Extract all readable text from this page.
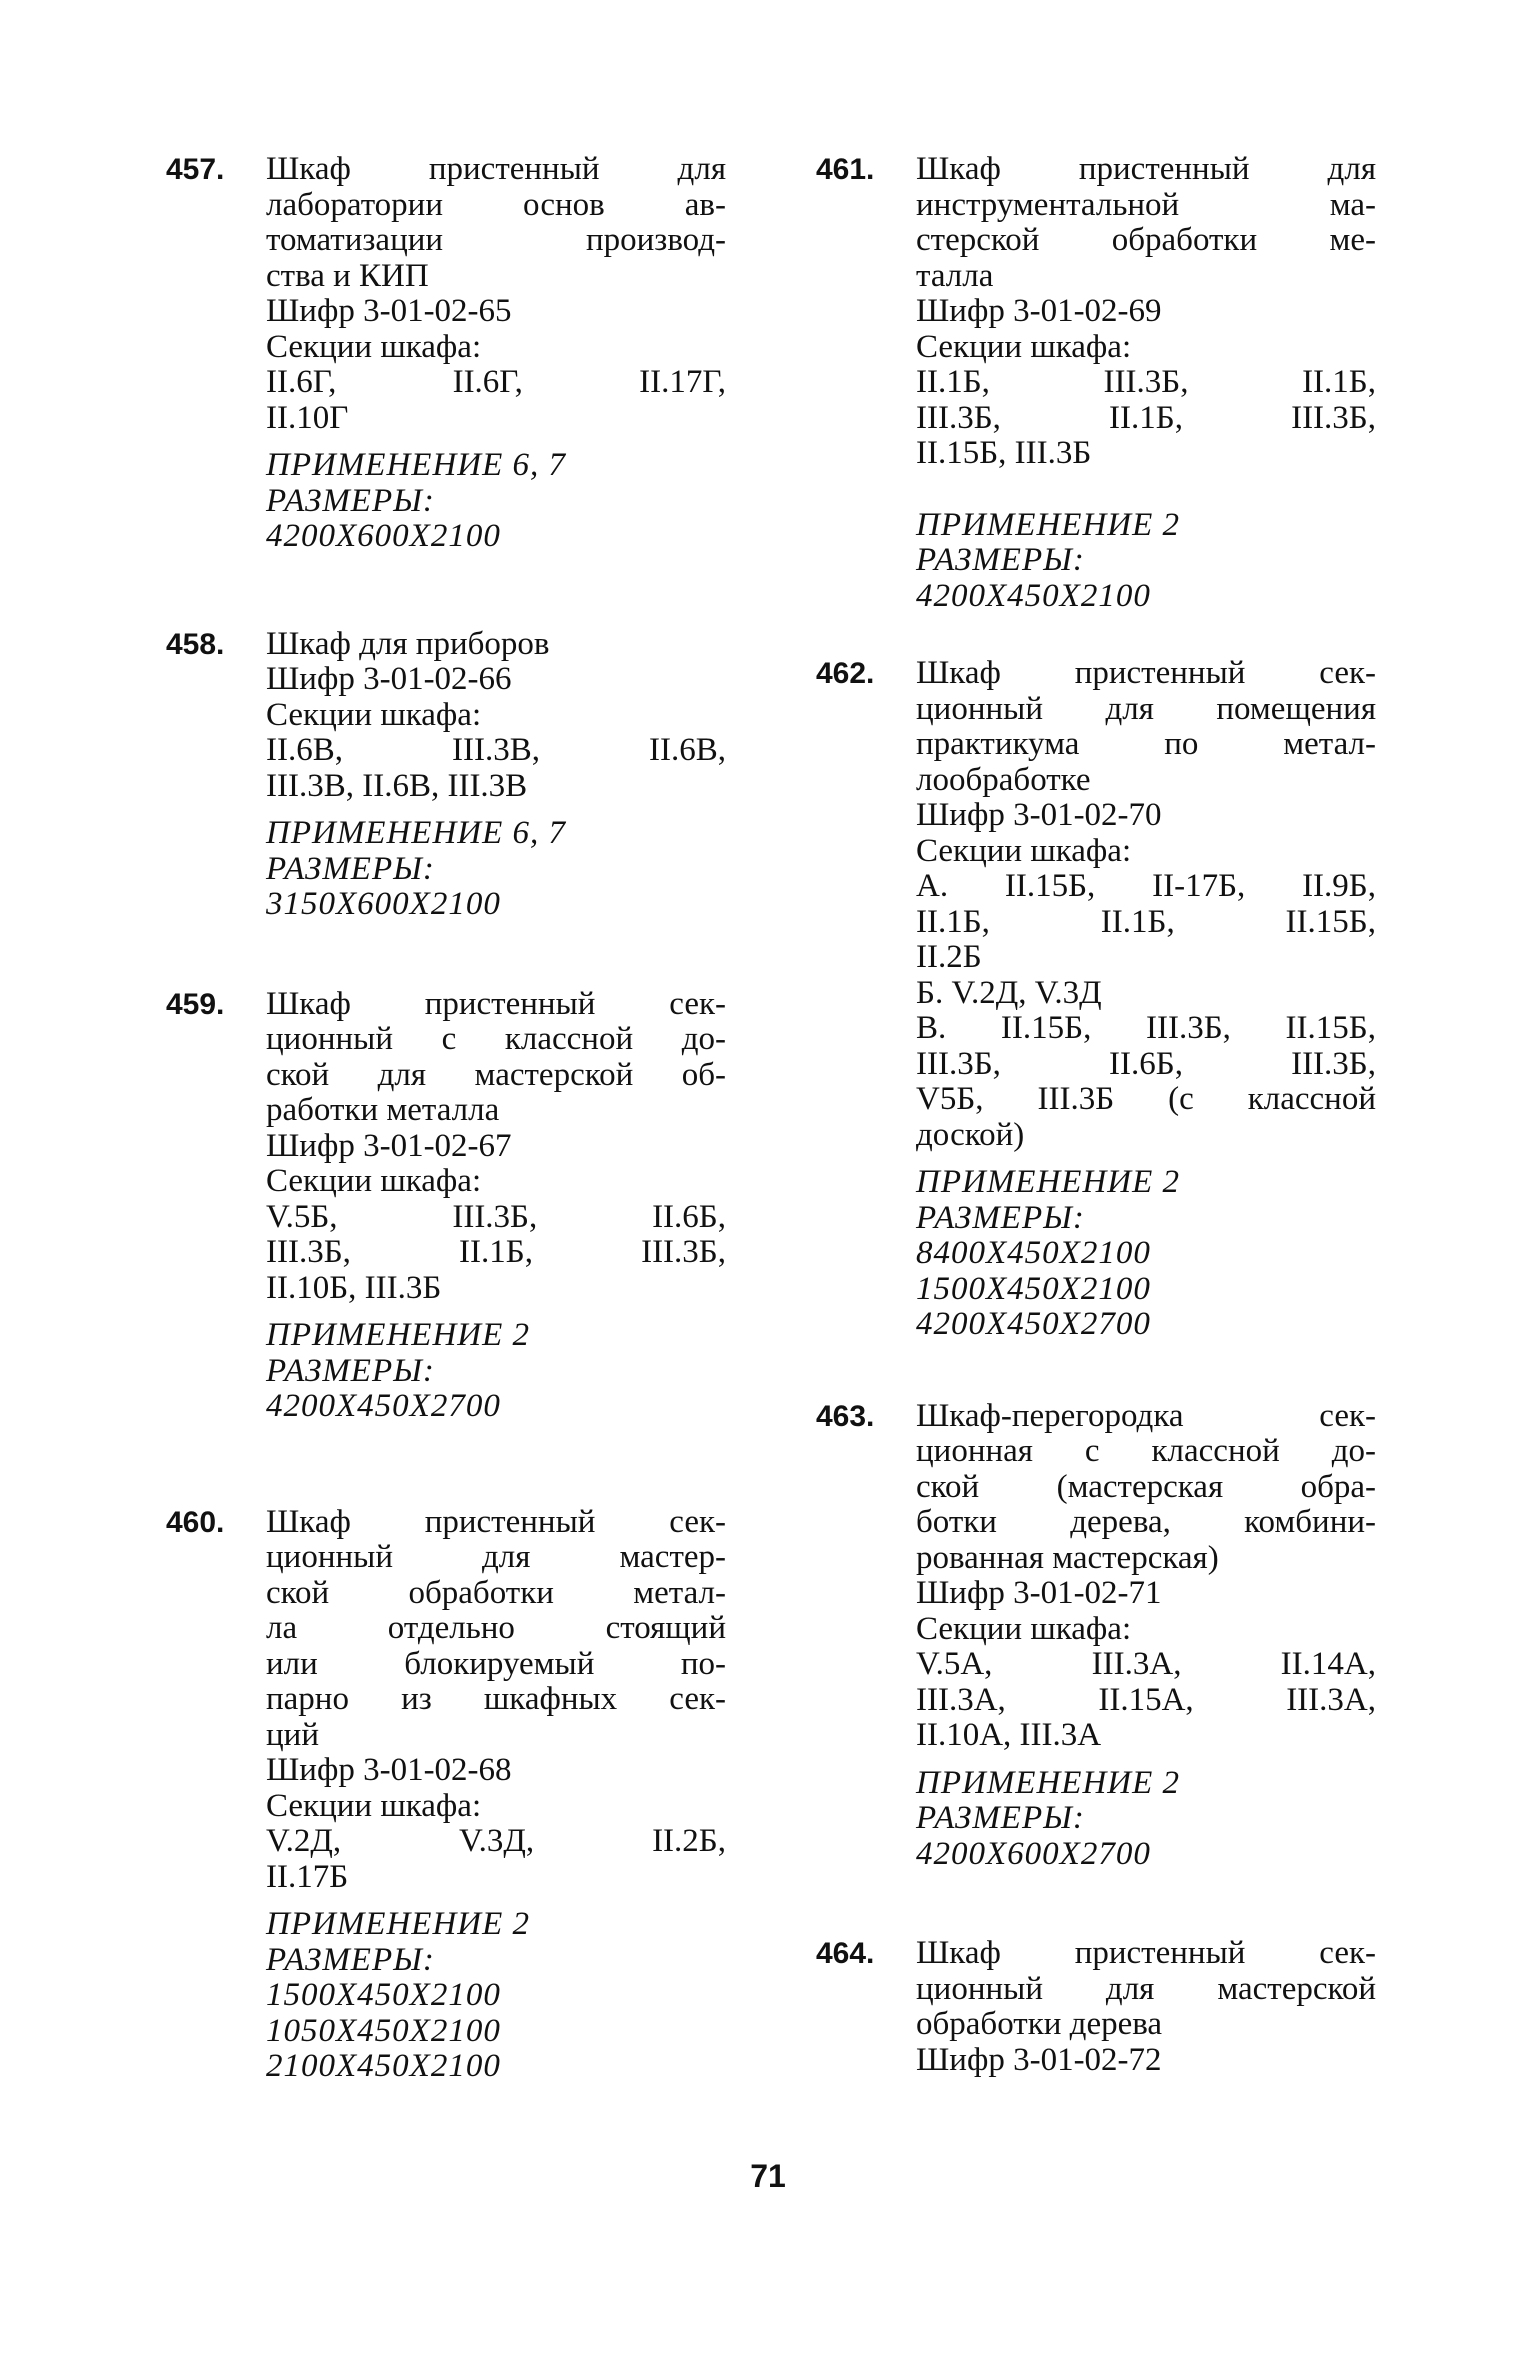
457. Шкаф пристенный для
лаборатории основ ав-
томатизации производ-
ства и КИП
Шифр 3-01-02-65
Секции шкафа:
II.6Г, II.6Г, II.17Г,
II.10Г
ПРИМЕНЕНИЕ 6, 7
РАЗМЕРЫ:
4200X600X2100
458. Шкаф для приборов
Шифр 3-01-02-66
Секции шкафа:
II.6В, III.3В, II.6В,
III.3В, II.6В, III.3В
ПРИМЕНЕНИЕ 6, 7
РАЗМЕРЫ:
3150X600X2100
459. Шкаф пристенный сек-
ционный с классной до-
ской для мастерской об-
работки металла
Шифр 3-01-02-67
Секции шкафа:
V.5Б, III.3Б, II.6Б,
III.3Б, II.1Б, III.3Б,
II.10Б, III.3Б
ПРИМЕНЕНИЕ 2
РАЗМЕРЫ:
4200X450X2700
460. Шкаф пристенный сек-
ционный для мастер-
ской обработки метал-
ла отдельно стоящий
или блокируемый по-
парно из шкафных сек-
ций
Шифр 3-01-02-68
Секции шкафа:
V.2Д, V.3Д, II.2Б,
II.17Б
ПРИМЕНЕНИЕ 2
РАЗМЕРЫ:
1500X450X2100
1050X450X2100
2100X450X2100
461. Шкаф пристенный для
инструментальной ма-
стерской обработки ме-
талла
Шифр 3-01-02-69
Секции шкафа:
II.1Б, III.3Б, II.1Б,
III.3Б, II.1Б, III.3Б,
II.15Б, III.3Б
ПРИМЕНЕНИЕ 2
РАЗМЕРЫ:
4200X450X2100
462. Шкаф пристенный сек-
ционный для помещения
практикума по метал-
лообработке
Шифр 3-01-02-70
Секции шкафа:
А. II.15Б, II-17Б, II.9Б,
II.1Б, II.1Б, II.15Б,
II.2Б
Б. V.2Д, V.3Д
В. II.15Б, III.3Б, II.15Б,
III.3Б, II.6Б, III.3Б,
V5Б, III.3Б (с классной
доской)
ПРИМЕНЕНИЕ 2
РАЗМЕРЫ:
8400X450X2100
1500X450X2100
4200X450X2700
463. Шкаф-перегородка сек-
ционная с классной до-
ской (мастерская обра-
ботки дерева, комбини-
рованная мастерская)
Шифр 3-01-02-71
Секции шкафа:
V.5А, III.3А, II.14А,
III.3А, II.15А, III.3А,
II.10А, III.3А
ПРИМЕНЕНИЕ 2
РАЗМЕРЫ:
4200X600X2700
464. Шкаф пристенный сек-
ционный для мастерской
обработки дерева
Шифр 3-01-02-72
71
